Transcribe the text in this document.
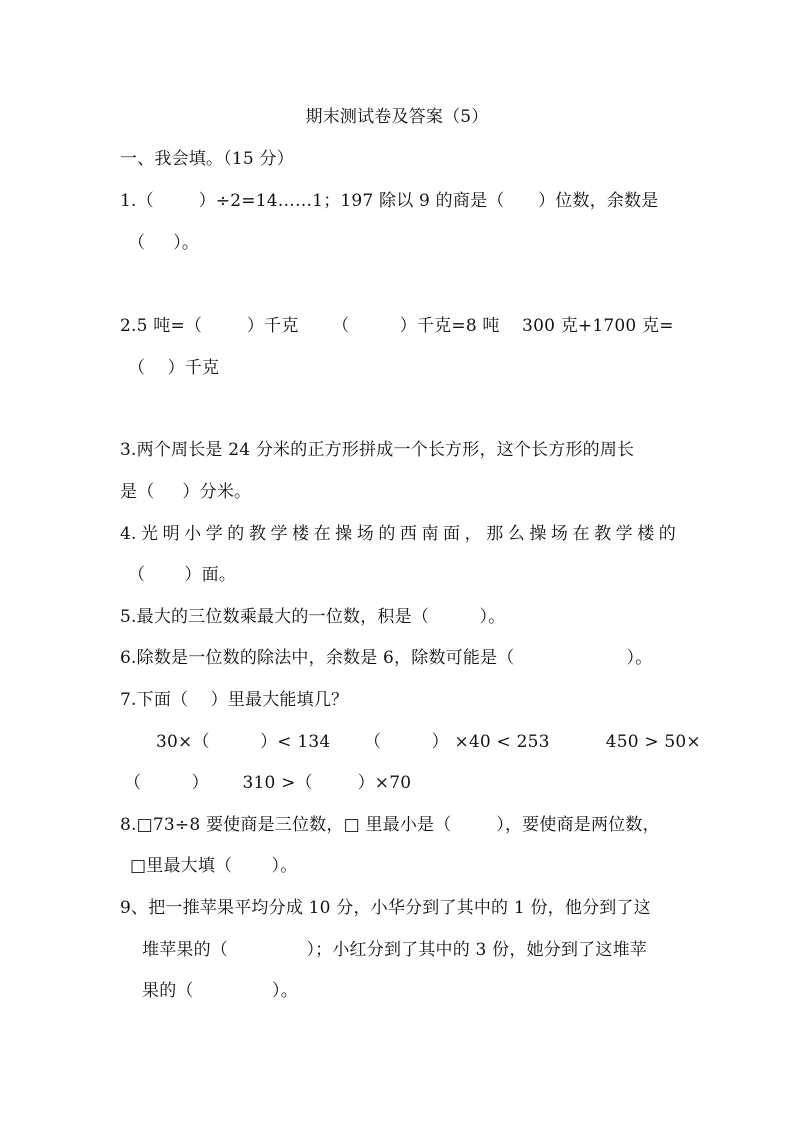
期末测试卷及答案（5）
一、我会填。（15 分）
1.（        ）÷2=14……1；197 除以 9 的商是（      ）位数，余数是
（     ）。
2.5 吨=（        ）千克      （         ）千克=8 吨    300 克+1700 克=
（    ）千克
3.两个周长是 24 分米的正方形拼成一个长方形，这个长方形的周长
是（     ）分米。
4.光明小学的教学楼在操场的西南面，那么操场在教学楼的
（       ）面。
5.最大的三位数乘最大的一位数，积是（         ）。
6.除数是一位数的除法中，余数是 6，除数可能是（                    ）。
7.下面（    ）里最大能填几？
30×（         ）< 134      （         ） ×40 < 253          450 > 50×
（         ）      310 >（        ）×70
8.□73÷8 要使商是三位数，□ 里最小是（        ），要使商是两位数，
□里最大填（       ）。
9、把一推苹果平均分成 10 分，小华分到了其中的 1 份，他分到了这
堆苹果的（              ）；小红分到了其中的 3 份，她分到了这堆苹
果的（              ）。
